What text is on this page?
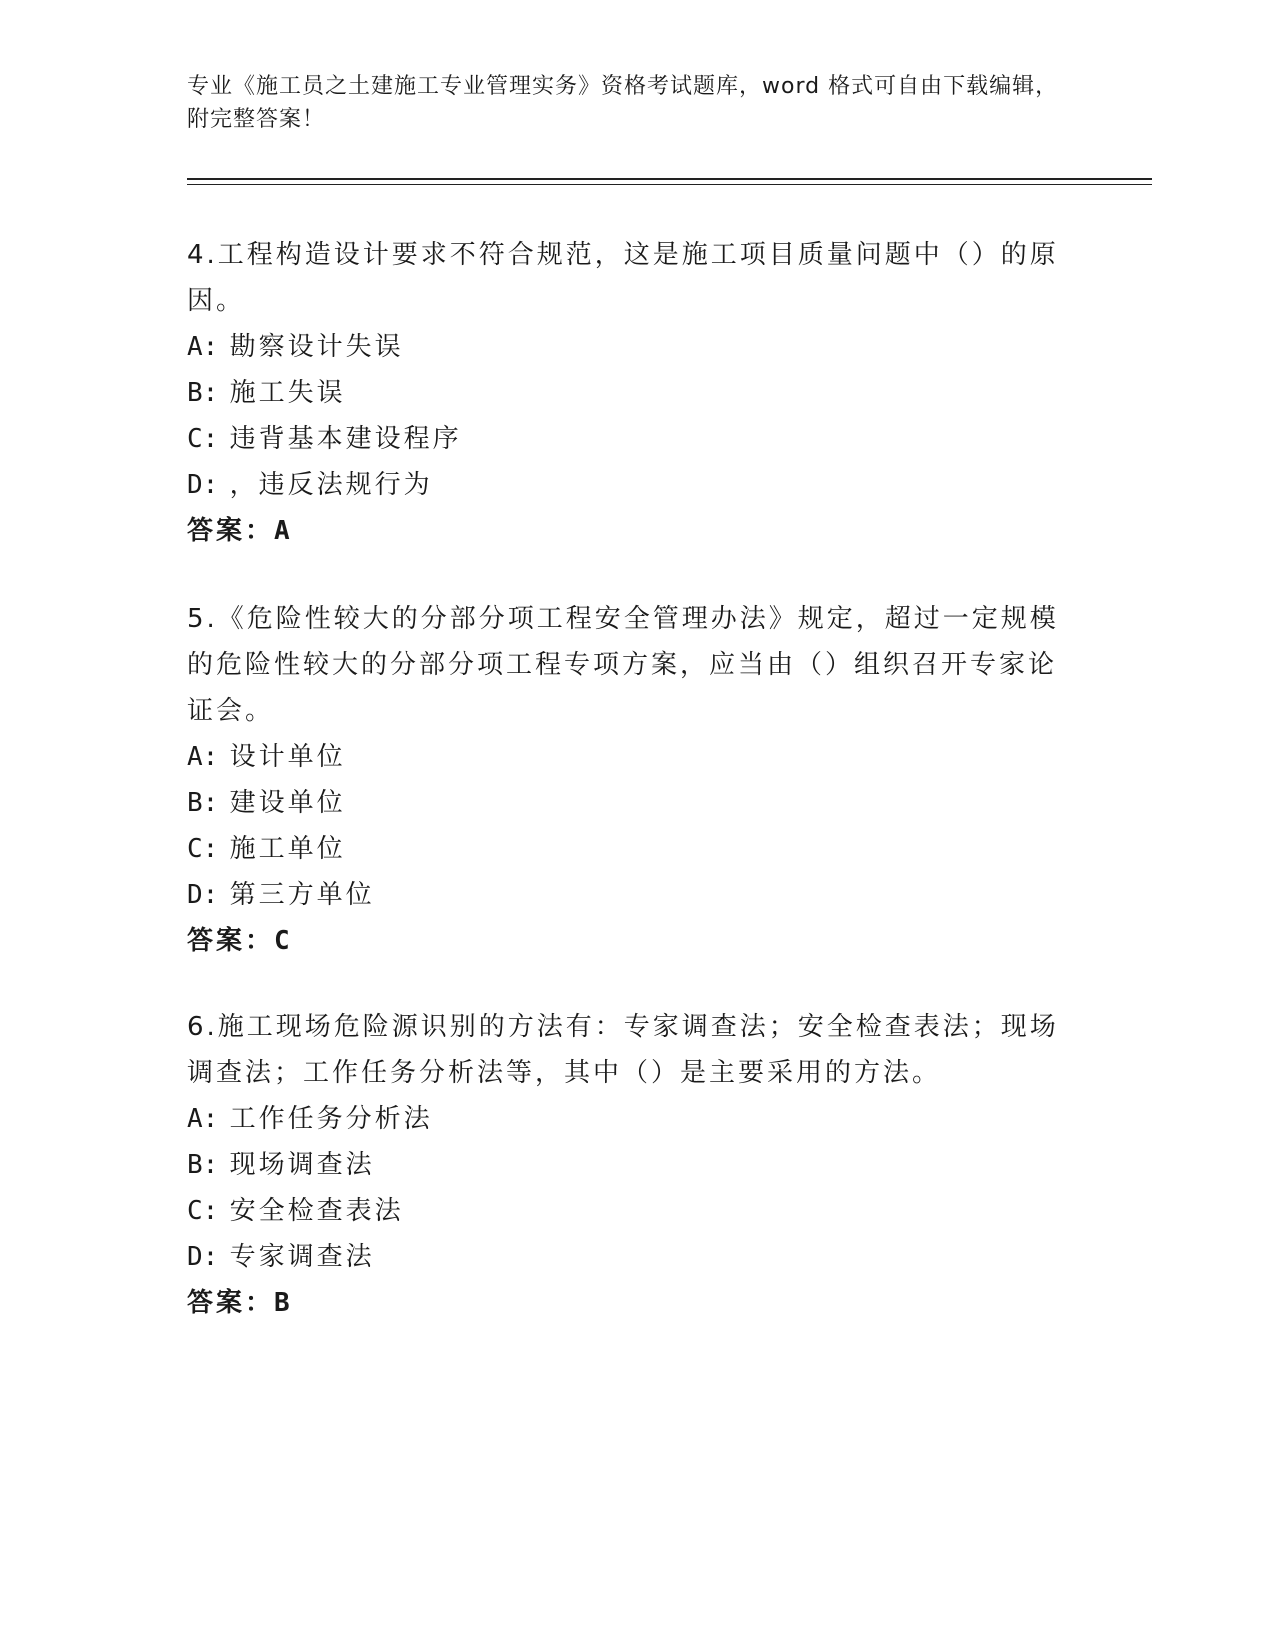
专业《施工员之土建施工专业管理实务》资格考试题库，word 格式可自由下载编辑，附完整答案！

4.工程构造设计要求不符合规范，这是施工项目质量问题中（）的原因。

A: 勘察设计失误
B: 施工失误
C: 违背基本建设程序
D: ，违反法规行为
答案：A

5.《危险性较大的分部分项工程安全管理办法》规定，超过一定规模的危险性较大的分部分项工程专项方案，应当由（）组织召开专家论证会。

A: 设计单位
B: 建设单位
C: 施工单位
D: 第三方单位
答案：C

6.施工现场危险源识别的方法有：专家调查法；安全检查表法；现场调查法；工作任务分析法等，其中（）是主要采用的方法。

A: 工作任务分析法
B: 现场调查法
C: 安全检查表法
D: 专家调查法
答案：B
